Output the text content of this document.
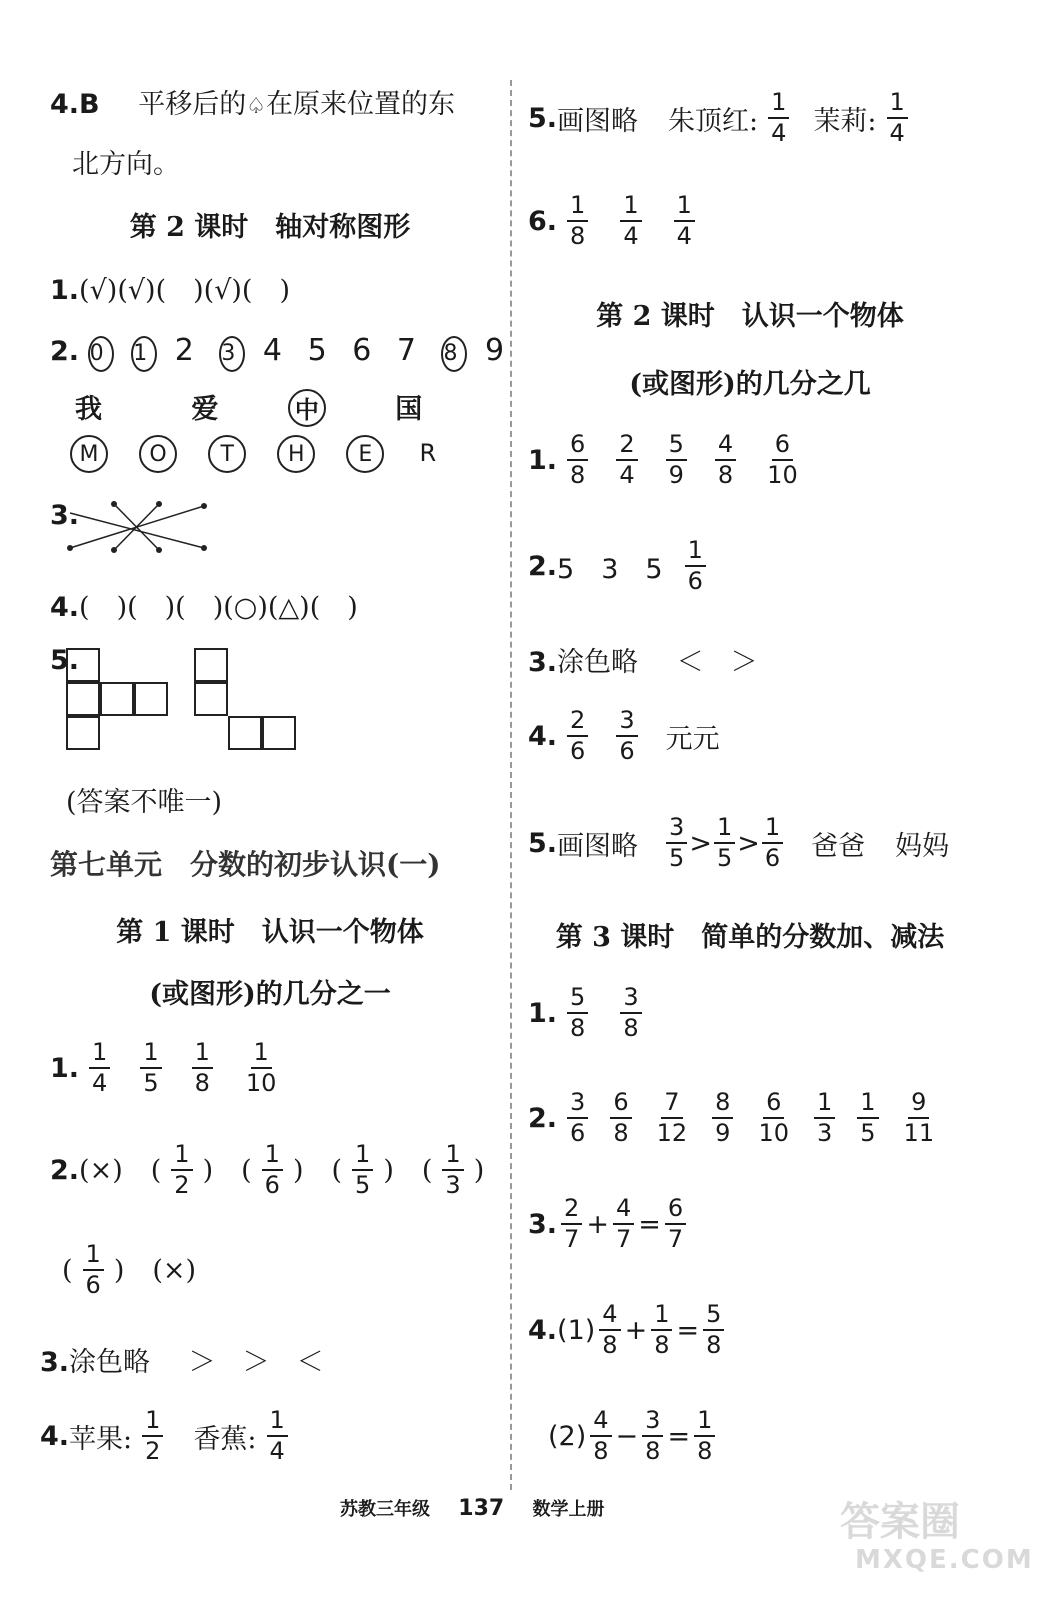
4.B 平移后的♤在原来位置的东
北方向。
第 2 课时　轴对称图形
1.(√)(√)(　)(√)(　)
2. 0 1 2 3 4 5 6 7 8 9
我	爱	中	国
M O T H E R
3.
4.(　)(　)(　)(○)(△)(　)
5.
(答案不唯一)
第七单元　分数的初步认识(一)
第 1 课时　认识一个物体
(或图形)的几分之一
1. $\frac{1}{4} \frac{1}{5} \frac{1}{8} \frac{1}{10}$
2. (×) ( $\frac{1}{2}$ ) ( $\frac{1}{6}$ ) ( $\frac{1}{5}$ ) ( $\frac{1}{3}$ )
( $\frac{1}{6}$ ) (×)
3.涂色略 ＞　＞　＜
4. 苹果: $\frac{1}{2}$ 香蕉: $\frac{1}{4}$
5. 画图略 朱顶红: $\frac{1}{4}$ 茉莉: $\frac{1}{4}$
6. $\frac{1}{8} \frac{1}{4} \frac{1}{4}$
第 2 课时　认识一个物体
(或图形)的几分之几
1. $\frac{6}{8} \frac{2}{4} \frac{5}{9} \frac{4}{8} \frac{6}{10}$
2. 5　3　$5 \frac{1}{6}$
3.涂色略 ＜　＞
4. $\frac{2}{6} \frac{3}{6}$ 元元
5. 画图略 $\frac{3}{5} > \frac{1}{5} > \frac{1}{6}$ 爸爸 妈妈
第 3 课时　简单的分数加、减法
1. $\frac{5}{8} \frac{3}{8}$
2. $\frac{3}{6} \frac{6}{8} \frac{7}{12} \frac{8}{9} \frac{6}{10} \frac{1}{3} \frac{1}{5} \frac{9}{11}$
3. $\frac{2}{7} + \frac{4}{7} = \frac{6}{7}$
4. $(1) \frac{4}{8} + \frac{1}{8} = \frac{5}{8}$
$(2) \frac{4}{8} - \frac{3}{8} = \frac{1}{8}$
苏教三年级 137 数学上册	答案圈
MXQE.COM
